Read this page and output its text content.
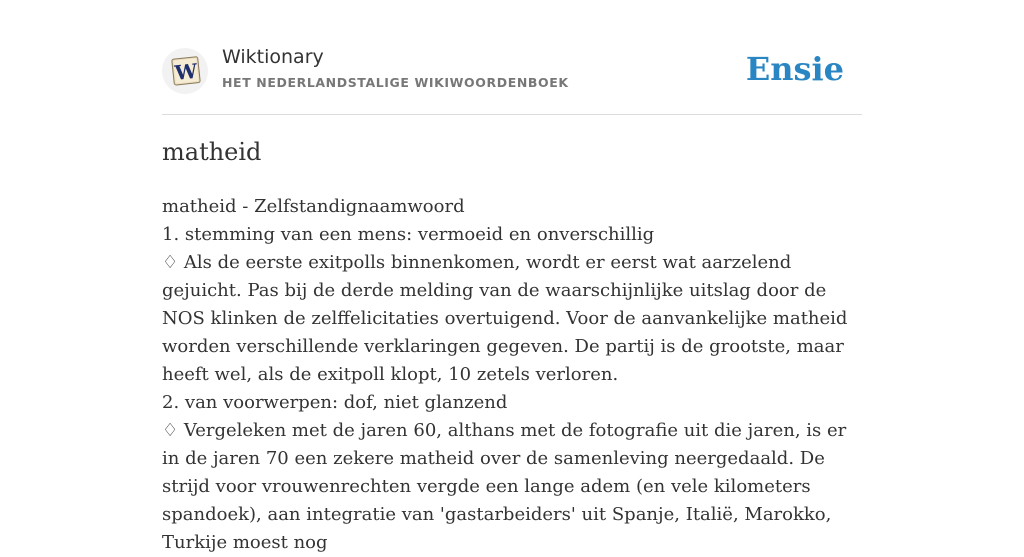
W
Wiktionary
HET NEDERLANDSTALIGE WIKIWOORDENBOEK	Ensie
matheid

matheid - Zelfstandignaamwoord
1. stemming van een mens: vermoeid en onverschillig
♢ Als de eerste exitpolls binnenkomen, wordt er eerst wat aarzelend gejuicht. Pas bij de derde melding van de waarschijnlijke uitslag door de NOS klinken de zelffelicitaties overtuigend. Voor de aanvankelijke matheid worden verschillende verklaringen gegeven. De partij is de grootste, maar heeft wel, als de exitpoll klopt, 10 zetels verloren.
2. van voorwerpen: dof, niet glanzend
♢ Vergeleken met de jaren 60, althans met de fotografie uit die jaren, is er in de jaren 70 een zekere matheid over de samenleving neergedaald. De strijd voor vrouwenrechten vergde een lange adem (en vele kilometers spandoek), aan integratie van 'gastarbeiders' uit Spanje, Italië, Marokko, Turkije moest nog
